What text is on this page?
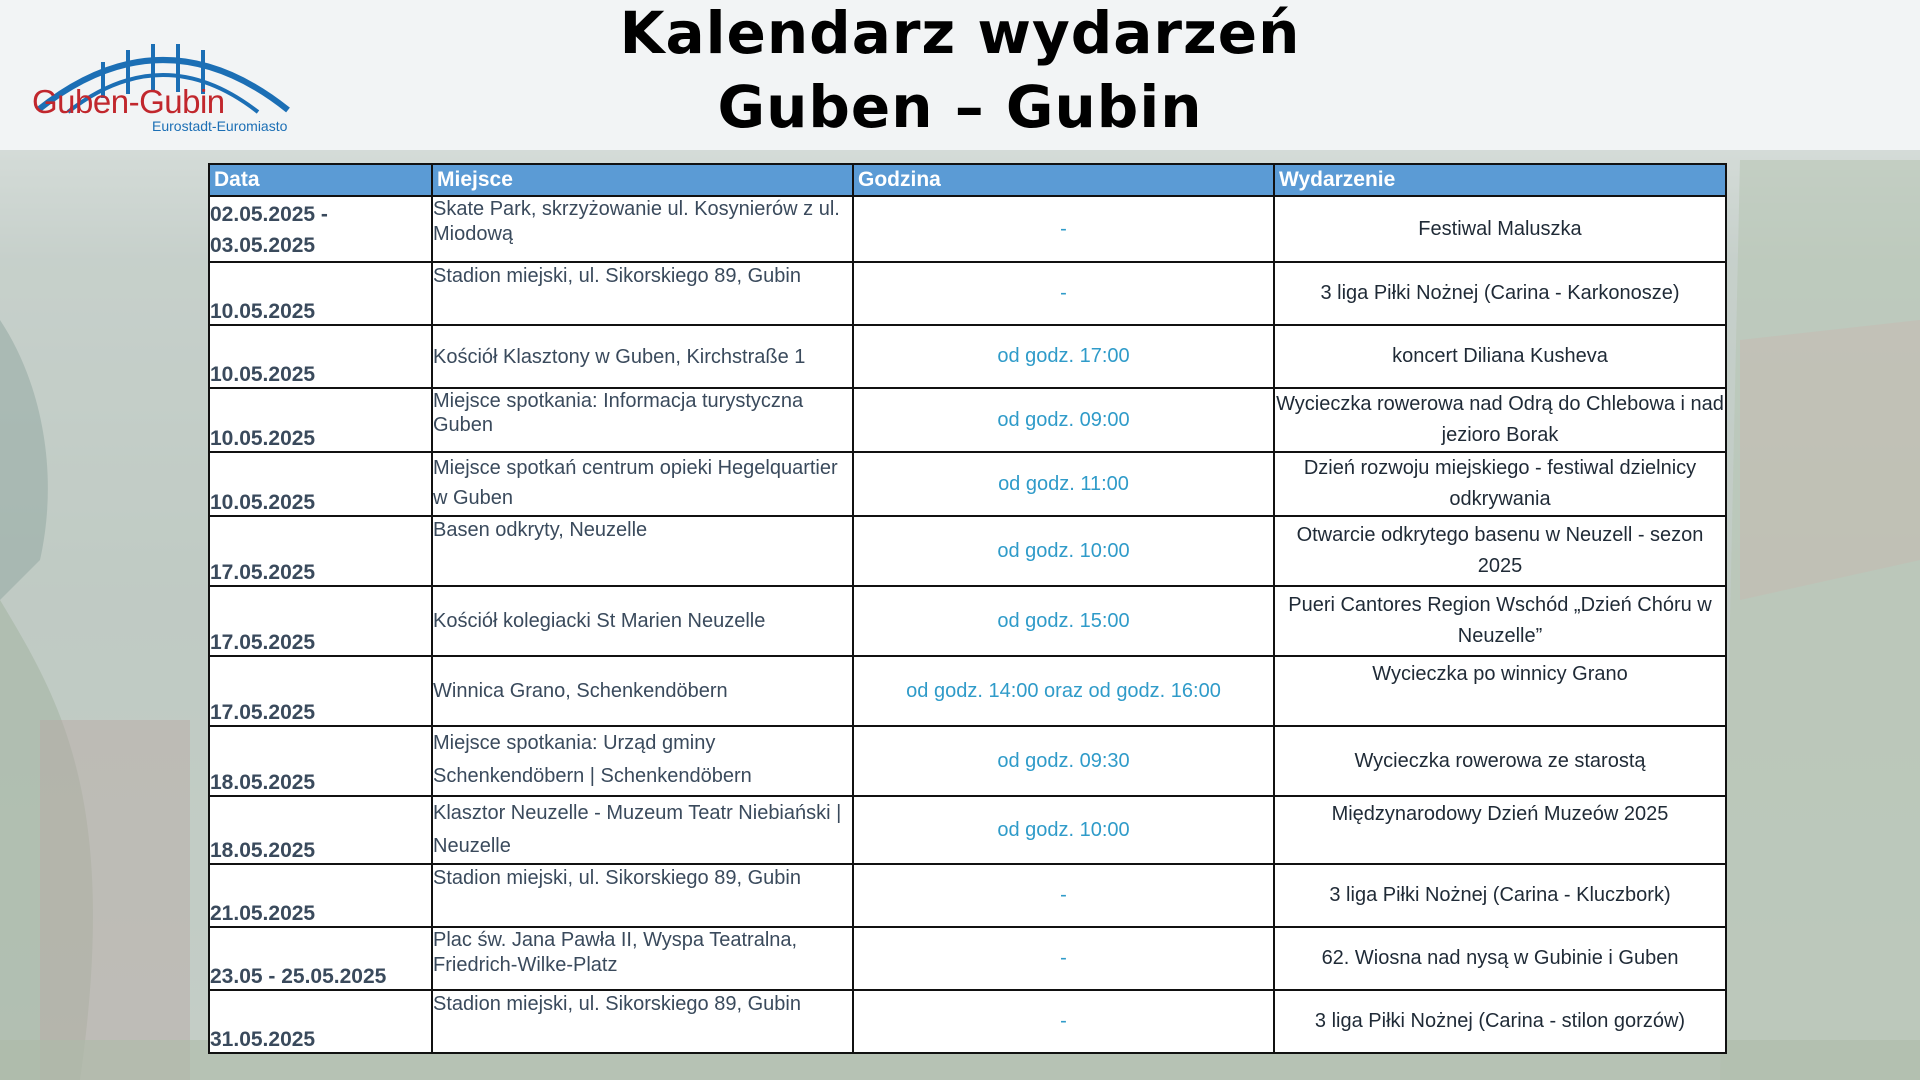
Guben-Gubin
Eurostadt-Euromiasto
Kalendarz wydarzeń
Guben – Gubin
Data	Miejsce	Godzina	Wydarzenie
02.05.2025 - 03.05.2025	Skate Park, skrzyżowanie ul. Kosynierów z ul. Miodową	-	Festiwal Maluszka
10.05.2025	Stadion miejski, ul. Sikorskiego 89, Gubin	-	3 liga Piłki Nożnej (Carina - Karkonosze)
10.05.2025	Kościół Klasztony w Guben, Kirchstraße 1	od godz. 17:00	koncert Diliana Kusheva
10.05.2025	Miejsce spotkania: Informacja turystyczna Guben	od godz. 09:00	Wycieczka rowerowa nad Odrą do Chlebowa i nad jezioro Borak
10.05.2025	Miejsce spotkań centrum opieki Hegelquartier w Guben	od godz. 11:00	Dzień rozwoju miejskiego - festiwal dzielnicy odkrywania
17.05.2025	Basen odkryty, Neuzelle	od godz. 10:00	Otwarcie odkrytego basenu w Neuzell - sezon 2025
17.05.2025	Kościół kolegiacki St Marien Neuzelle	od godz. 15:00	Pueri Cantores Region Wschód „Dzień Chóru w Neuzelle”
17.05.2025	Winnica Grano, Schenkendöbern	od godz. 14:00 oraz od godz. 16:00	Wycieczka po winnicy Grano
18.05.2025	Miejsce spotkania: Urząd gminy Schenkendöbern | Schenkendöbern	od godz. 09:30	Wycieczka rowerowa ze starostą
18.05.2025	Klasztor Neuzelle - Muzeum Teatr Niebiański | Neuzelle	od godz. 10:00	Międzynarodowy Dzień Muzeów 2025
21.05.2025	Stadion miejski, ul. Sikorskiego 89, Gubin	-	3 liga Piłki Nożnej (Carina - Kluczbork)
23.05 - 25.05.2025	Plac św. Jana Pawła II, Wyspa Teatralna, Friedrich-Wilke-Platz	-	62. Wiosna nad nysą w Gubinie i Guben
31.05.2025	Stadion miejski, ul. Sikorskiego 89, Gubin	-	3 liga Piłki Nożnej (Carina - stilon gorzów)
